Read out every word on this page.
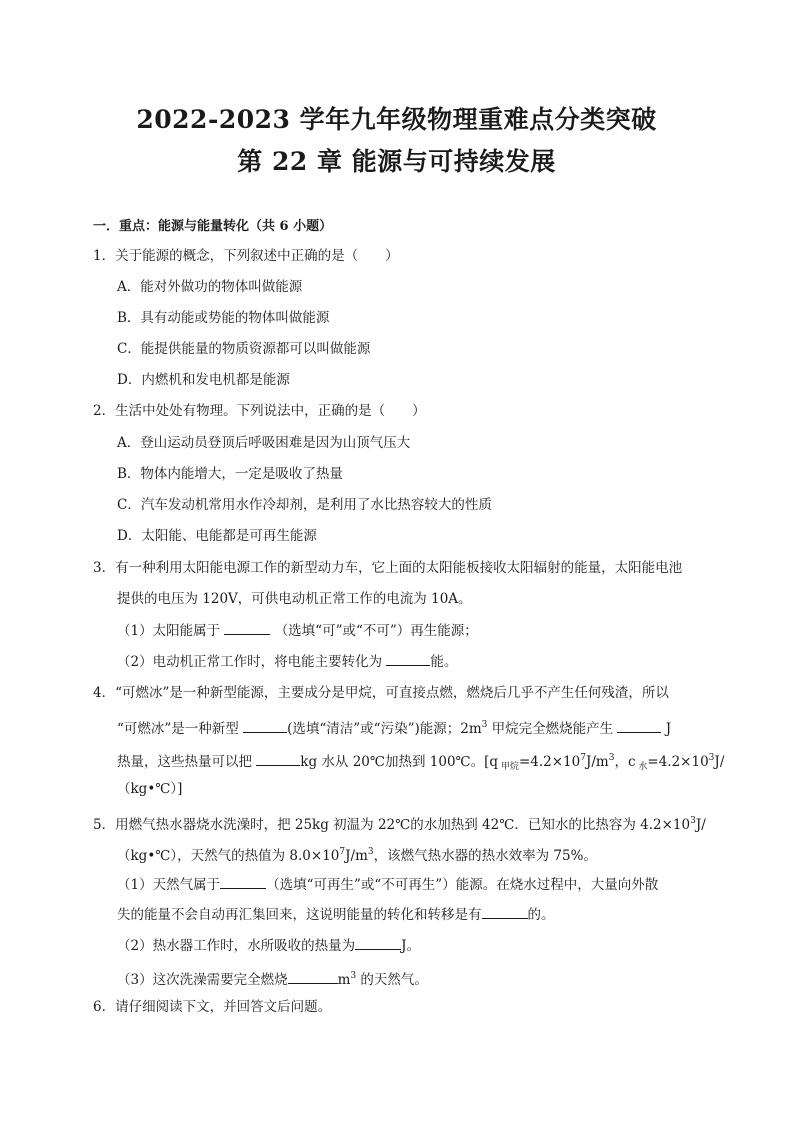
2022-2023 学年九年级物理重难点分类突破
第 22 章 能源与可持续发展
一．重点：能源与能量转化（共 6 小题）
1．关于能源的概念，下列叙述中正确的是（　　）
A．能对外做功的物体叫做能源
B．具有动能或势能的物体叫做能源
C．能提供能量的物质资源都可以叫做能源
D．内燃机和发电机都是能源
2．生活中处处有物理。下列说法中，正确的是（　　）
A．登山运动员登顶后呼吸困难是因为山顶气压大
B．物体内能增大，一定是吸收了热量
C．汽车发动机常用水作冷却剂，是利用了水比热容较大的性质
D．太阳能、电能都是可再生能源
3．有一种利用太阳能电源工作的新型动力车，它上面的太阳能板接收太阳辐射的能量，太阳能电池
提供的电压为 120V，可供电动机正常工作的电流为 10A。
（1）太阳能属于	（选填“可”或“不可”）再生能源；
（2）电动机正常工作时，将电能主要转化为	能。
4．“可燃冰”是一种新型能源，主要成分是甲烷，可直接点燃，燃烧后几乎不产生任何残渣，所以
“可燃冰”是一种新型	(选填“清洁”或“污染”)能源；$2m^3$ 甲烷完全燃烧能产生	J
热量，这些热量可以把	kg 水从 20℃加热到 100℃。[q $_{甲烷}=4.2\times 10^7J/m^3$，c $_水=4.2\times 10^3J/$
（kg•℃）]
5．用燃气热水器烧水洗澡时，把 25kg 初温为 22℃的水加热到 42℃．已知水的比热容为 $4.2\times 10^3J/$
（kg•℃），天然气的热值为 $8.0\times 10^7J/m^3$，该燃气热水器的热水效率为 75%。
（1）天然气属于	（选填“可再生”或“不可再生”）能源。在烧水过程中，大量向外散
失的能量不会自动再汇集回来，这说明能量的转化和转移是有	的。
（2）热水器工作时，水所吸收的热量为	J。
（3）这次洗澡需要完全燃烧	$m^3$ 的天然气。
6．请仔细阅读下文，并回答文后问题。
